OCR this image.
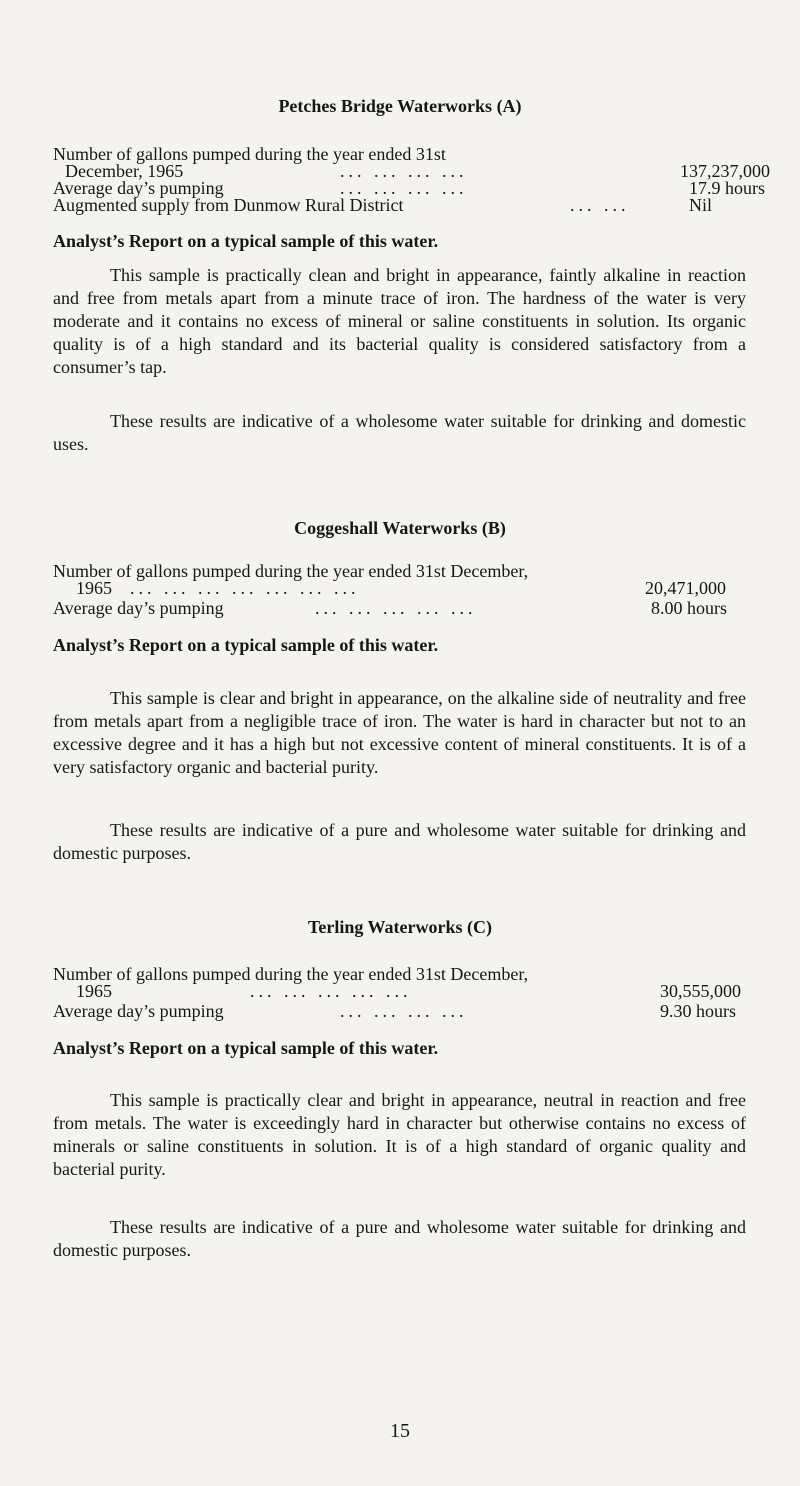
Petches Bridge Waterworks (A)
Number of gallons pumped during the year ended 31st
December, 1965	... ... ... ...	137,237,000
Average day’s pumping	... ... ... ...	17.9 hours
Augmented supply from Dunmow Rural District	... ...	Nil
Analyst’s Report on a typical sample of this water.

This sample is practically clean and bright in appearance, faintly alkaline in reaction and free from metals apart from a minute trace of iron. The hardness of the water is very moderate and it contains no excess of mineral or saline constituents in solution. Its organic quality is of a high standard and its bacterial quality is considered satisfactory from a consumer’s tap.

These results are indicative of a wholesome water suitable for drinking and domestic uses.

Coggeshall Waterworks (B)
Number of gallons pumped during the year ended 31st December,
1965 ... ... ... ... ... ... ...	20,471,000
Average day’s pumping	... ... ... ... ...	8.00 hours
Analyst’s Report on a typical sample of this water.

This sample is clear and bright in appearance, on the alkaline side of neutrality and free from metals apart from a negligible trace of iron. The water is hard in character but not to an excessive degree and it has a high but not excessive content of mineral constituents. It is of a very satisfactory organic and bacterial purity.

These results are indicative of a pure and wholesome water suitable for drinking and domestic purposes.

Terling Waterworks (C)
Number of gallons pumped during the year ended 31st December,
1965	... ... ... ... ...	30,555,000
Average day’s pumping	... ... ... ...	9.30 hours
Analyst’s Report on a typical sample of this water.

This sample is practically clear and bright in appearance, neutral in reaction and free from metals. The water is exceedingly hard in character but otherwise contains no excess of minerals or saline constituents in solution. It is of a high standard of organic quality and bacterial purity.

These results are indicative of a pure and wholesome water suitable for drinking and domestic purposes.

15
